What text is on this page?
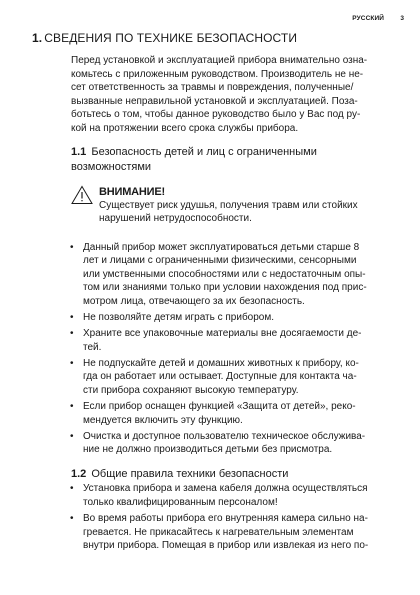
РУССКИЙ	3
1. СВЕДЕНИЯ ПО ТЕХНИКЕ БЕЗОПАСНОСТИ

Перед установкой и эксплуатацией прибора внимательно озна-

комьтесь с приложенным руководством. Производитель не не-

сет ответственность за травмы и повреждения, полученные/

вызванные неправильной установкой и эксплуатацией. Поза-

ботьтесь о том, чтобы данное руководство было у Вас под ру-

кой на протяжении всего срока службы прибора.

1.1 Безопасность детей и лиц с ограниченными
возможностями
ВНИМАНИЕ!
Существует риск удушья, получения травм или стойких
нарушений нетрудоспособности.
• Данный прибор может эксплуатироваться детьми старше 8
лет и лицами с ограниченными физическими, сенсорными
или умственными способностями или с недостаточным опы-
том или знаниями только при условии нахождения под прис-
мотром лица, отвечающего за их безопасность.
• Не позволяйте детям играть с прибором.
• Храните все упаковочные материалы вне досягаемости де-
тей.
• Не подпускайте детей и домашних животных к прибору, ко-
гда он работает или остывает. Доступные для контакта ча-
сти прибора сохраняют высокую температуру.
• Если прибор оснащен функцией «Защита от детей», реко-
мендуется включить эту функцию.
• Очистка и доступное пользователю техническое обслужива-
ние не должно производиться детьми без присмотра.
1.2 Общие правила техники безопасности
• Установка прибора и замена кабеля должна осуществляться
только квалифицированным персоналом!
• Во время работы прибора его внутренняя камера сильно на-
гревается. Не прикасайтесь к нагревательным элементам
внутри прибора. Помещая в прибор или извлекая из него по-
